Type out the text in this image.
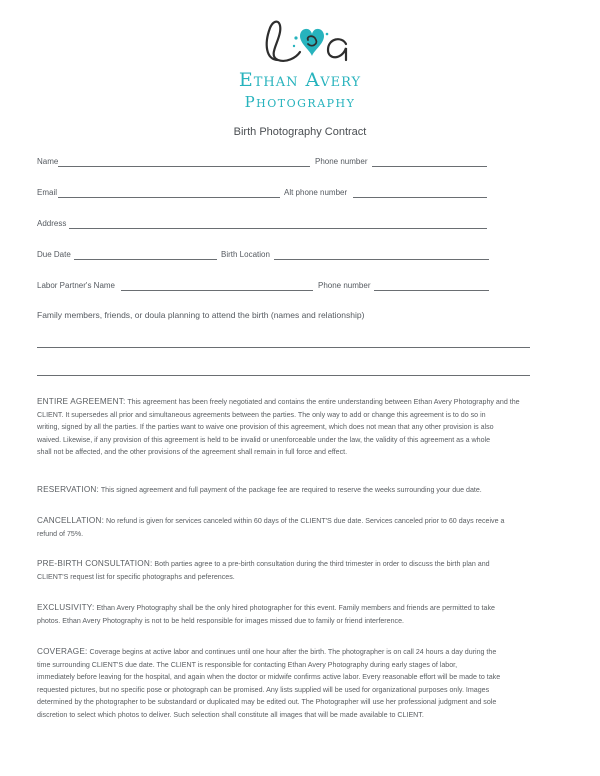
Ethan Avery
Photography
Birth Photography Contract
Name	Phone number
Email	Alt phone number
Address
Due Date	Birth Location
Labor Partner's Name	Phone number
Family members, friends, or doula planning to attend the birth (names and relationship)
ENTIRE AGREEMENT: This agreement has been freely negotiated and contains the entire understanding between Ethan Avery Photography and the
CLIENT. It supersedes all prior and simultaneous agreements between the parties. The only way to add or change this agreement is to do so in
writing, signed by all the parties. If the parties want to waive one provision of this agreement, which does not mean that any other provision is also
waived. Likewise, if any provision of this agreement is held to be invalid or unenforceable under the law, the validity of this agreement as a whole
shall not be affected, and the other provisions of the agreement shall remain in full force and effect.
RESERVATION: This signed agreement and full payment of the package fee are required to reserve the weeks surrounding your due date.
CANCELLATION: No refund is given for services canceled within 60 days of the CLIENT'S due date. Services canceled prior to 60 days receive a
refund of 75%.
PRE-BIRTH CONSULTATION: Both parties agree to a pre-birth consultation during the third trimester in order to discuss the birth plan and
CLIENT'S request list for specific photographs and peferences.
EXCLUSIVITY: Ethan Avery Photography shall be the only hired photographer for this event. Family members and friends are permitted to take
photos. Ethan Avery Photography is not to be held responsible for images missed due to family or friend interference.
COVERAGE: Coverage begins at active labor and continues until one hour after the birth. The photographer is on call 24 hours a day during the
time surrounding CLIENT'S due date. The CLIENT is responsible for contacting Ethan Avery Photography during early stages of labor,
immediately before leaving for the hospital, and again when the doctor or midwife confirms active labor. Every reasonable effort will be made to take
requested pictures, but no specific pose or photograph can be promised. Any lists supplied will be used for organizational purposes only. Images
determined by the photographer to be substandard or duplicated may be edited out. The Photographer will use her professional judgment and sole
discretion to select which photos to deliver. Such selection shall constitute all images that will be made available to CLIENT.
